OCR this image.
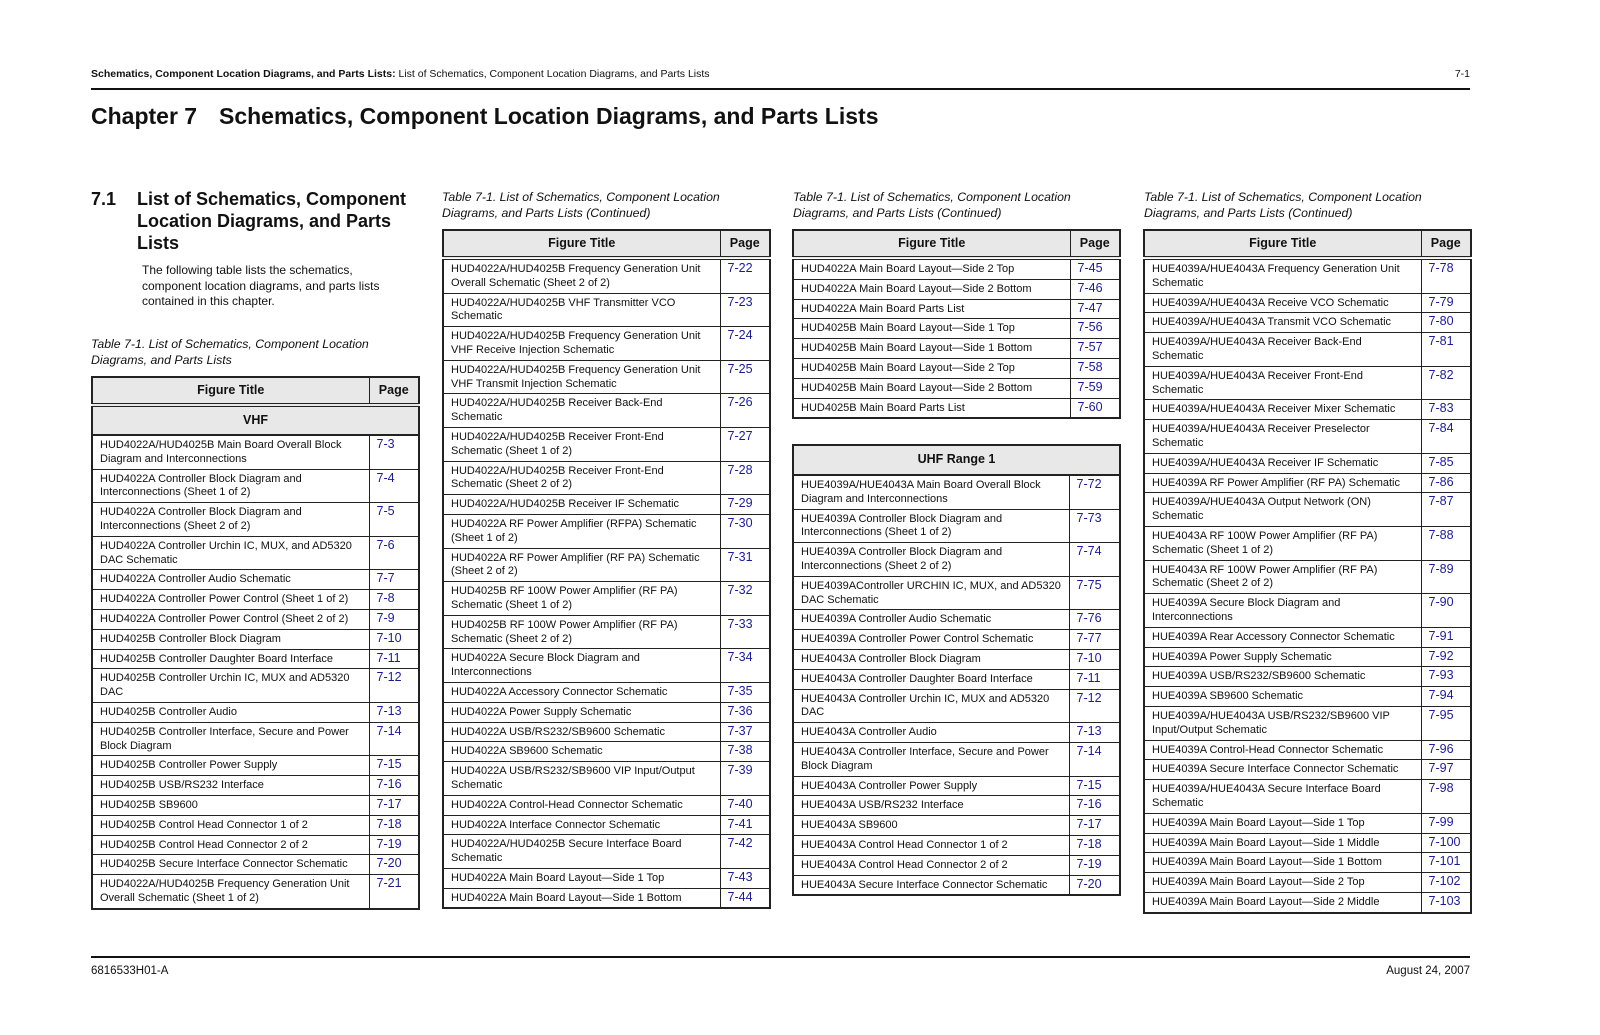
Schematics, Component Location Diagrams, and Parts Lists: List of Schematics, Component Location Diagrams, and Parts Lists	7-1
Chapter 7 Schematics, Component Location Diagrams, and Parts Lists
7.1 List of Schematics, Component Location Diagrams, and Parts Lists
The following table lists the schematics, component location diagrams, and parts lists contained in this chapter.
Table 7-1. List of Schematics, Component Location Diagrams, and Parts Lists
Figure Title	Page
VHF	
HUD4022A/HUD4025B Main Board Overall Block Diagram and Interconnections	7-3
HUD4022A Controller Block Diagram and Interconnections (Sheet 1 of 2)	7-4
HUD4022A Controller Block Diagram and Interconnections (Sheet 2 of 2)	7-5
HUD4022A Controller Urchin IC, MUX, and AD5320 DAC Schematic	7-6
HUD4022A Controller Audio Schematic	7-7
HUD4022A Controller Power Control (Sheet 1 of 2)	7-8
HUD4022A Controller Power Control (Sheet 2 of 2)	7-9
HUD4025B Controller Block Diagram	7-10
HUD4025B Controller Daughter Board Interface	7-11
HUD4025B Controller Urchin IC, MUX and AD5320 DAC	7-12
HUD4025B Controller Audio	7-13
HUD4025B Controller Interface, Secure and Power Block Diagram	7-14
HUD4025B Controller Power Supply	7-15
HUD4025B USB/RS232 Interface	7-16
HUD4025B SB9600	7-17
HUD4025B Control Head Connector 1 of 2	7-18
HUD4025B Control Head Connector 2 of 2	7-19
HUD4025B Secure Interface Connector Schematic	7-20
HUD4022A/HUD4025B Frequency Generation Unit Overall Schematic (Sheet 1 of 2)	7-21
Table 7-1. List of Schematics, Component Location Diagrams, and Parts Lists (Continued)
Figure Title	Page
HUD4022A/HUD4025B Frequency Generation Unit Overall Schematic (Sheet 2 of 2)	7-22
HUD4022A/HUD4025B VHF Transmitter VCO Schematic	7-23
HUD4022A/HUD4025B Frequency Generation Unit VHF Receive Injection Schematic	7-24
HUD4022A/HUD4025B Frequency Generation Unit VHF Transmit Injection Schematic	7-25
HUD4022A/HUD4025B Receiver Back-End Schematic	7-26
HUD4022A/HUD4025B Receiver Front-End Schematic (Sheet 1 of 2)	7-27
HUD4022A/HUD4025B Receiver Front-End Schematic (Sheet 2 of 2)	7-28
HUD4022A/HUD4025B Receiver IF Schematic	7-29
HUD4022A RF Power Amplifier (RFPA) Schematic (Sheet 1 of 2)	7-30
HUD4022A RF Power Amplifier (RF PA) Schematic (Sheet 2 of 2)	7-31
HUD4025B RF 100W Power Amplifier (RF PA) Schematic (Sheet 1 of 2)	7-32
HUD4025B RF 100W Power Amplifier (RF PA) Schematic (Sheet 2 of 2)	7-33
HUD4022A Secure Block Diagram and Interconnections	7-34
HUD4022A Accessory Connector Schematic	7-35
HUD4022A Power Supply Schematic	7-36
HUD4022A USB/RS232/SB9600 Schematic	7-37
HUD4022A SB9600 Schematic	7-38
HUD4022A USB/RS232/SB9600 VIP Input/Output Schematic	7-39
HUD4022A Control-Head Connector Schematic	7-40
HUD4022A Interface Connector Schematic	7-41
HUD4022A/HUD4025B Secure Interface Board Schematic	7-42
HUD4022A Main Board Layout—Side 1 Top	7-43
HUD4022A Main Board Layout—Side 1 Bottom	7-44
Table 7-1. List of Schematics, Component Location Diagrams, and Parts Lists (Continued)
Figure Title	Page
HUD4022A Main Board Layout—Side 2 Top	7-45
HUD4022A Main Board Layout—Side 2 Bottom	7-46
HUD4022A Main Board Parts List	7-47
HUD4025B Main Board Layout—Side 1 Top	7-56
HUD4025B Main Board Layout—Side 1 Bottom	7-57
HUD4025B Main Board Layout—Side 2 Top	7-58
HUD4025B Main Board Layout—Side 2 Bottom	7-59
HUD4025B Main Board Parts List	7-60
UHF Range 1	
HUE4039A/HUE4043A Main Board Overall Block Diagram and Interconnections	7-72
HUE4039A Controller Block Diagram and Interconnections (Sheet 1 of 2)	7-73
HUE4039A Controller Block Diagram and Interconnections (Sheet 2 of 2)	7-74
HUE4039AController URCHIN IC, MUX, and AD5320 DAC Schematic	7-75
HUE4039A Controller Audio Schematic	7-76
HUE4039A Controller Power Control Schematic	7-77
HUE4043A Controller Block Diagram	7-10
HUE4043A Controller Daughter Board Interface	7-11
HUE4043A Controller Urchin IC, MUX and AD5320 DAC	7-12
HUE4043A Controller Audio	7-13
HUE4043A Controller Interface, Secure and Power Block Diagram	7-14
HUE4043A Controller Power Supply	7-15
HUE4043A USB/RS232 Interface	7-16
HUE4043A SB9600	7-17
HUE4043A Control Head Connector 1 of 2	7-18
HUE4043A Control Head Connector 2 of 2	7-19
HUE4043A Secure Interface Connector Schematic	7-20
Table 7-1. List of Schematics, Component Location Diagrams, and Parts Lists (Continued)
Figure Title	Page
HUE4039A/HUE4043A Frequency Generation Unit Schematic	7-78
HUE4039A/HUE4043A Receive VCO Schematic	7-79
HUE4039A/HUE4043A Transmit VCO Schematic	7-80
HUE4039A/HUE4043A Receiver Back-End Schematic	7-81
HUE4039A/HUE4043A Receiver Front-End Schematic	7-82
HUE4039A/HUE4043A Receiver Mixer Schematic	7-83
HUE4039A/HUE4043A Receiver Preselector Schematic	7-84
HUE4039A/HUE4043A Receiver IF Schematic	7-85
HUE4039A RF Power Amplifier (RF PA) Schematic	7-86
HUE4039A/HUE4043A Output Network (ON) Schematic	7-87
HUE4043A RF 100W Power Amplifier (RF PA) Schematic (Sheet 1 of 2)	7-88
HUE4043A RF 100W Power Amplifier (RF PA) Schematic (Sheet 2 of 2)	7-89
HUE4039A Secure Block Diagram and Interconnections	7-90
HUE4039A Rear Accessory Connector Schematic	7-91
HUE4039A Power Supply Schematic	7-92
HUE4039A USB/RS232/SB9600 Schematic	7-93
HUE4039A SB9600 Schematic	7-94
HUE4039A/HUE4043A USB/RS232/SB9600 VIP Input/Output Schematic	7-95
HUE4039A Control-Head Connector Schematic	7-96
HUE4039A Secure Interface Connector Schematic	7-97
HUE4039A/HUE4043A Secure Interface Board Schematic	7-98
HUE4039A Main Board Layout—Side 1 Top	7-99
HUE4039A Main Board Layout—Side 1 Middle	7-100
HUE4039A Main Board Layout—Side 1 Bottom	7-101
HUE4039A Main Board Layout—Side 2 Top	7-102
HUE4039A Main Board Layout—Side 2 Middle	7-103
6816533H01-A	August 24, 2007
